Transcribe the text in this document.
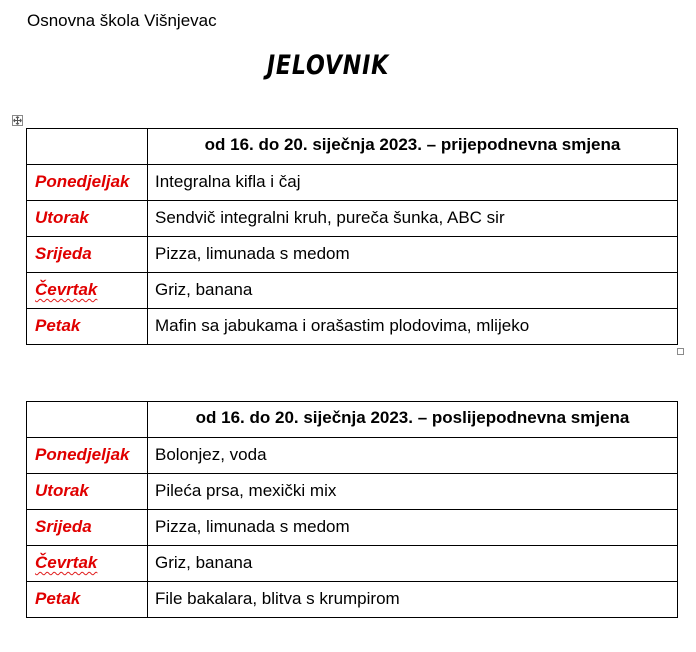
Osnovna škola Višnjevac
JELOVNIK
	od 16. do 20. siječnja 2023. – prijepodnevna smjena
Ponedjeljak	Integralna kifla i čaj
Utorak	Sendvič integralni kruh, pureča šunka, ABC sir
Srijeda	Pizza, limunada s medom
Čevrtak	Griz, banana
Petak	Mafin sa jabukama i orašastim plodovima, mlijeko
	od 16. do 20. siječnja 2023. – poslijepodnevna smjena
Ponedjeljak	Bolonjez, voda
Utorak	Pileća prsa, mexički mix
Srijeda	Pizza, limunada s medom
Čevrtak	Griz, banana
Petak	File bakalara, blitva s krumpirom
